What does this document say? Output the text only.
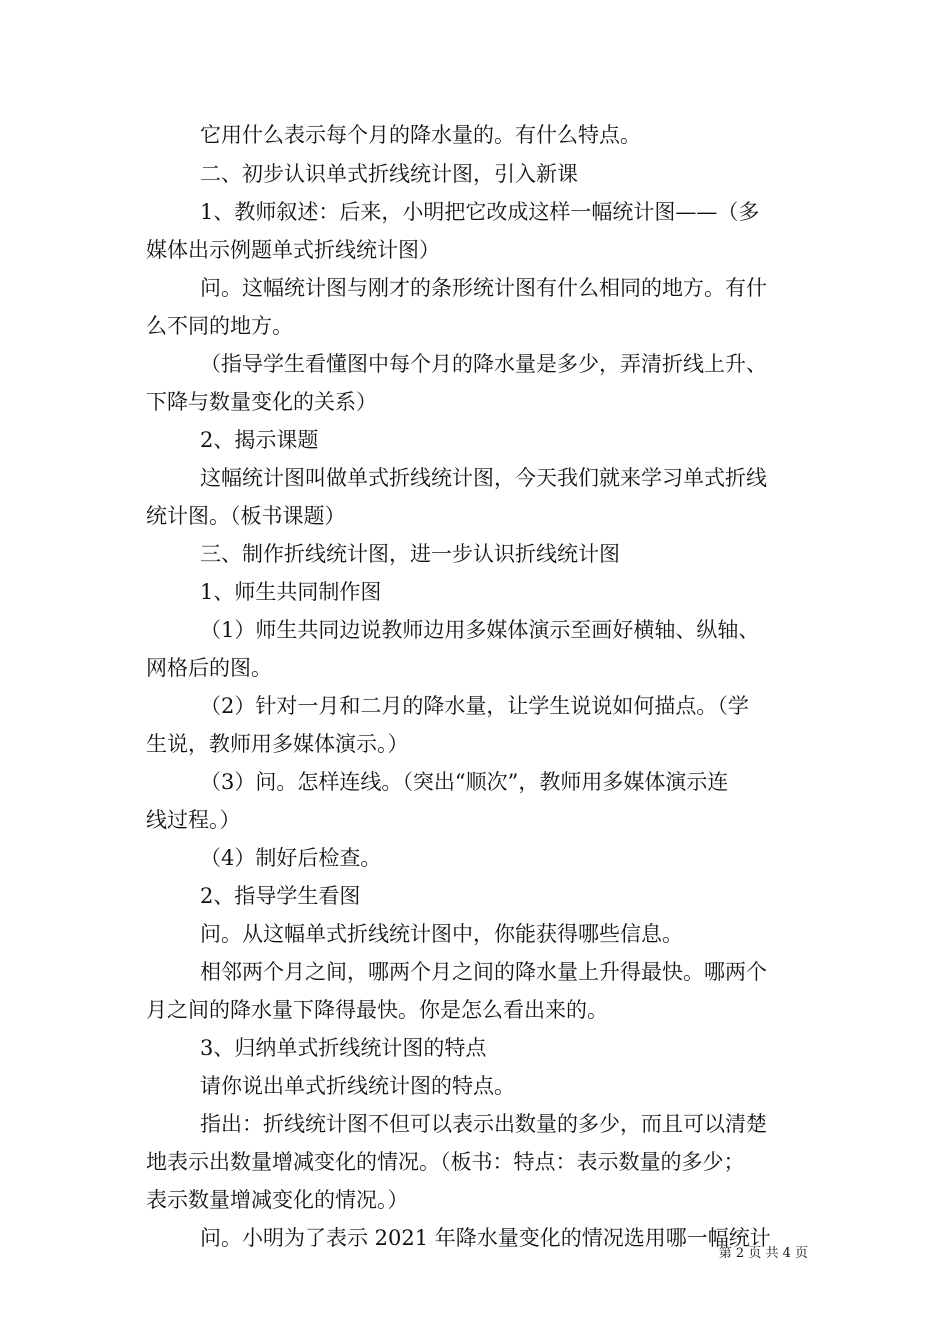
它用什么表示每个月的降水量的。有什么特点。
二、初步认识单式折线统计图，引入新课
1、教师叙述：后来，小明把它改成这样一幅统计图——（多
媒体出示例题单式折线统计图）
问。这幅统计图与刚才的条形统计图有什么相同的地方。有什
么不同的地方。
（指导学生看懂图中每个月的降水量是多少，弄清折线上升、
下降与数量变化的关系）
2、揭示课题
这幅统计图叫做单式折线统计图，今天我们就来学习单式折线
统计图。（板书课题）
三、制作折线统计图，进一步认识折线统计图
1、师生共同制作图
（1）师生共同边说教师边用多媒体演示至画好横轴、纵轴、
网格后的图。
（2）针对一月和二月的降水量，让学生说说如何描点。（学
生说，教师用多媒体演示。）
（3）问。怎样连线。（突出“顺次”，教师用多媒体演示连
线过程。）
（4）制好后检查。
2、指导学生看图
问。从这幅单式折线统计图中，你能获得哪些信息。
相邻两个月之间，哪两个月之间的降水量上升得最快。哪两个
月之间的降水量下降得最快。你是怎么看出来的。
3、归纳单式折线统计图的特点
请你说出单式折线统计图的特点。
指出：折线统计图不但可以表示出数量的多少，而且可以清楚
地表示出数量增减变化的情况。（板书：特点：表示数量的多少；
表示数量增减变化的情况。）
问。小明为了表示 2021 年降水量变化的情况选用哪一幅统计
第 2 页 共 4 页
